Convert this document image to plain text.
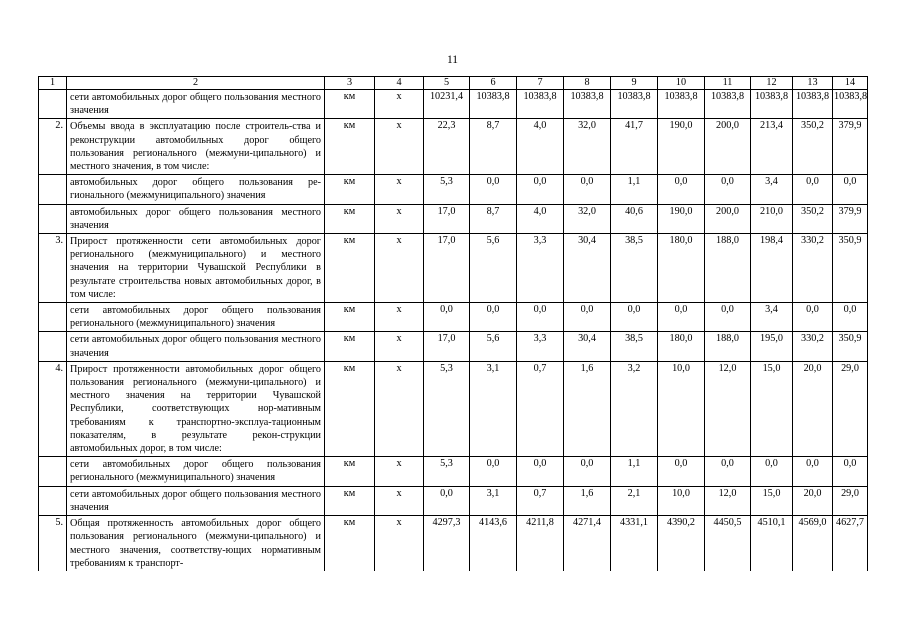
11
1	2	3	4	5	6	7	8	9	10	11	12	13	14
	сети автомобильных дорог общего пользования местного значения	км	х	10231,4	10383,8	10383,8	10383,8	10383,8	10383,8	10383,8	10383,8	10383,8	10383,8
2.	Объемы ввода в эксплуатацию после строитель-ства и реконструкции автомобильных дорог общего пользования регионального (межмуни-ципального) и местного значения, в том числе:	км	х	22,3	8,7	4,0	32,0	41,7	190,0	200,0	213,4	350,2	379,9
	автомобильных дорог общего пользования ре-гионального (межмуниципального) значения	км	х	5,3	0,0	0,0	0,0	1,1	0,0	0,0	3,4	0,0	0,0
	автомобильных дорог общего пользования местного значения	км	х	17,0	8,7	4,0	32,0	40,6	190,0	200,0	210,0	350,2	379,9
3.	Прирост протяженности сети автомобильных дорог регионального (межмуниципального) и местного значения на территории Чувашской Республики в результате строительства новых автомобильных дорог, в том числе:	км	х	17,0	5,6	3,3	30,4	38,5	180,0	188,0	198,4	330,2	350,9
	сети автомобильных дорог общего пользования регионального (межмуниципального) значения	км	х	0,0	0,0	0,0	0,0	0,0	0,0	0,0	3,4	0,0	0,0
	сети автомобильных дорог общего пользования местного значения	км	х	17,0	5,6	3,3	30,4	38,5	180,0	188,0	195,0	330,2	350,9
4.	Прирост протяженности автомобильных дорог общего пользования регионального (межмуни-ципального) и местного значения на территории Чувашской Республики, соответствующих нор-мативным требованиям к транспортно-эксплуа-тационным показателям, в результате рекон-струкции автомобильных дорог, в том числе:	км	х	5,3	3,1	0,7	1,6	3,2	10,0	12,0	15,0	20,0	29,0
	сети автомобильных дорог общего пользования регионального (межмуниципального) значения	км	х	5,3	0,0	0,0	0,0	1,1	0,0	0,0	0,0	0,0	0,0
	сети автомобильных дорог общего пользования местного значения	км	х	0,0	3,1	0,7	1,6	2,1	10,0	12,0	15,0	20,0	29,0
5.	Общая протяженность автомобильных дорог общего пользования регионального (межмуни-ципального) и местного значения, соответству-ющих нормативным требованиям к транспорт-	км	х	4297,3	4143,6	4211,8	4271,4	4331,1	4390,2	4450,5	4510,1	4569,0	4627,7
